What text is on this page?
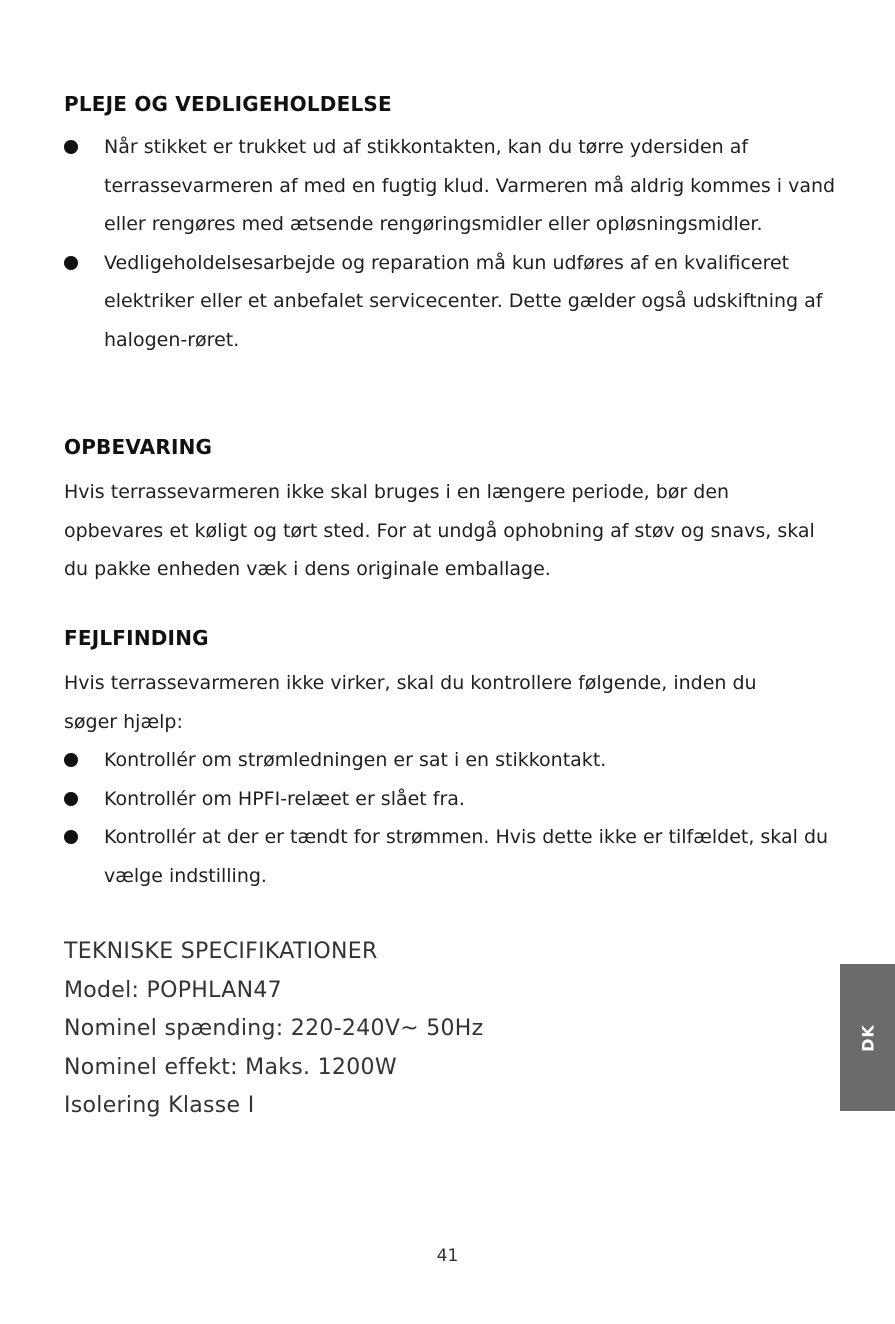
PLEJE OG VEDLIGEHOLDELSE
Når stikket er trukket ud af stikkontakten, kan du tørre ydersiden af terrassevarmeren af med en fugtig klud. Varmeren må aldrig kommes i vand eller rengøres med ætsende rengøringsmidler eller opløsningsmidler.
Vedligeholdelsesarbejde og reparation må kun udføres af en kvalificeret elektriker eller et anbefalet servicecenter. Dette gælder også udskiftning af halogen-røret.
OPBEVARING

Hvis terrassevarmeren ikke skal bruges i en længere periode, bør den opbevares et køligt og tørt sted. For at undgå ophobning af støv og snavs, skal du pakke enheden væk i dens originale emballage.

FEJLFINDING

Hvis terrassevarmeren ikke virker, skal du kontrollere følgende, inden du søger hjælp:

Kontrollér om strømledningen er sat i en stikkontakt.
Kontrollér om HPFI-relæet er slået fra.
Kontrollér at der er tændt for strømmen. Hvis dette ikke er tilfældet, skal du vælge indstilling.
TEKNISKE SPECIFIKATIONER
Model: POPHLAN47
Nominel spænding: 220-240V~ 50Hz
Nominel effekt: Maks. 1200W
Isolering Klasse I
DK
41
